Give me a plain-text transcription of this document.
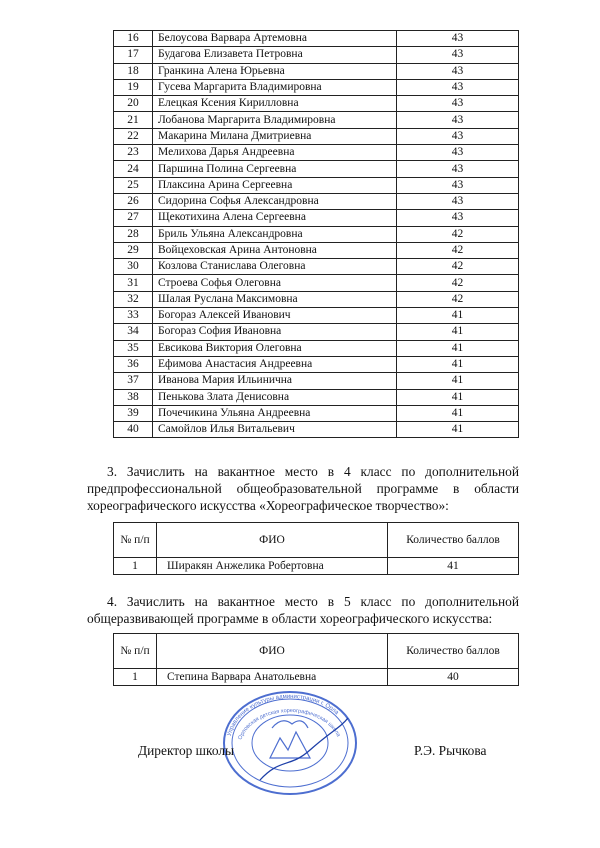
16	Белоусова Варвара Артемовна	43
17	Будагова Елизавета Петровна	43
18	Гранкина Алена Юрьевна	43
19	Гусева Маргарита Владимировна	43
20	Елецкая Ксения Кирилловна	43
21	Лобанова Маргарита Владимировна	43
22	Макарина Милана Дмитриевна	43
23	Мелихова Дарья Андреевна	43
24	Паршина Полина Сергеевна	43
25	Плаксина Арина Сергеевна	43
26	Сидорина Софья Александровна	43
27	Щекотихина Алена Сергеевна	43
28	Бриль Ульяна Александровна	42
29	Войцеховская Арина Антоновна	42
30	Козлова Станислава Олеговна	42
31	Строева Софья Олеговна	42
32	Шалая Руслана Максимовна	42
33	Богораз Алексей Иванович	41
34	Богораз София Ивановна	41
35	Евсикова Виктория Олеговна	41
36	Ефимова Анастасия Андреевна	41
37	Иванова Мария Ильинична	41
38	Пенькова Злата Денисовна	41
39	Почечикина Ульяна Андреевна	41
40	Самойлов Илья Витальевич	41
3. Зачислить на вакантное место в 4 класс по дополнительной
предпрофессиональной общеобразовательной программе в области
хореографического искусства «Хореографическое творчество»:
№ п/п	ФИО	Количество баллов
1	Ширакян Анжелика Робертовна	41
4. Зачислить на вакантное место в 5 класс по дополнительной
общеразвивающей программе в области хореографического искусства:
№ п/п	ФИО	Количество баллов
1	Степина Варвара Анатольевна	40
Управление культуры администрации г. Орла
Орловская детская хореографическая школа
Директор школы	Р.Э. Рычкова
